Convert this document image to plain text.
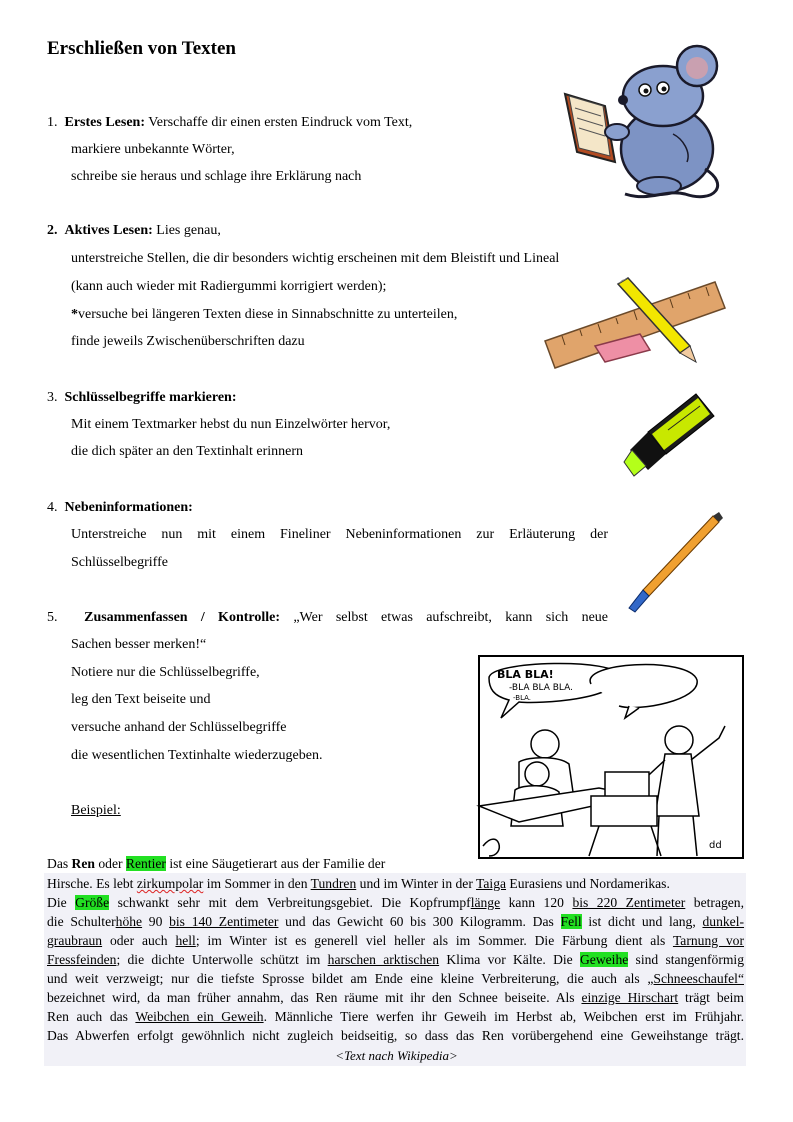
Erschließen von Texten
1. Erstes Lesen: Verschaffe dir einen ersten Eindruck vom Text,
markiere unbekannte Wörter,
schreibe sie heraus und schlage ihre Erklärung nach
2. Aktives Lesen: Lies genau,
unterstreiche Stellen, die dir besonders wichtig erscheinen mit dem Bleistift und Lineal
(kann auch wieder mit Radiergummi korrigiert werden);
*versuche bei längeren Texten diese in Sinnabschnitte zu unterteilen,
finde jeweils Zwischenüberschriften dazu
3. Schlüsselbegriffe markieren:
Mit einem Textmarker hebst du nun Einzelwörter hervor,
die dich später an den Textinhalt erinnern
4. Nebeninformationen:
Unterstreiche nun mit einem Fineliner Nebeninformationen zur Erläuterung der
Schlüsselbegriffe
5. Zusammenfassen / Kontrolle: „Wer selbst etwas aufschreibt, kann sich neue
Sachen besser merken!“
Notiere nur die Schlüsselbegriffe,
leg den Text beiseite und
versuche anhand der Schlüsselbegriffe
die wesentlichen Textinhalte wiederzugeben.
Beispiel:
Das Ren oder Rentier ist eine Säugetierart aus der Familie der
Hirsche. Es lebt zirkumpolar im Sommer in den Tundren und im Winter in der Taiga Eurasiens und Nordamerikas.
Die Größe schwankt sehr mit dem Verbreitungsgebiet. Die Kopfrumpflänge kann 120 bis 220 Zentimeter betragen,
die Schulterhöhe 90 bis 140 Zentimeter und das Gewicht 60 bis 300 Kilogramm. Das Fell ist dicht und lang, dunkel-
graubraun oder auch hell; im Winter ist es generell viel heller als im Sommer. Die Färbung dient als Tarnung vor
Fressfeinden; die dichte Unterwolle schützt im harschen arktischen Klima vor Kälte. Die Geweihe sind stangenförmig
und weit verzweigt; nur die tiefste Sprosse bildet am Ende eine kleine Verbreiterung, die auch als „Schneeschaufel“
bezeichnet wird, da man früher annahm, das Ren räume mit ihr den Schnee beiseite. Als einzige Hirschart trägt beim
Ren auch das Weibchen ein Geweih. Männliche Tiere werfen ihr Geweih im Herbst ab, Weibchen erst im Frühjahr.
Das Abwerfen erfolgt gewöhnlich nicht zugleich beidseitig, so dass das Ren vorübergehend eine Geweihstange trägt.
<Text nach Wikipedia>
BLA BLA!
-BLA BLA BLA.
-BLA.
dd
